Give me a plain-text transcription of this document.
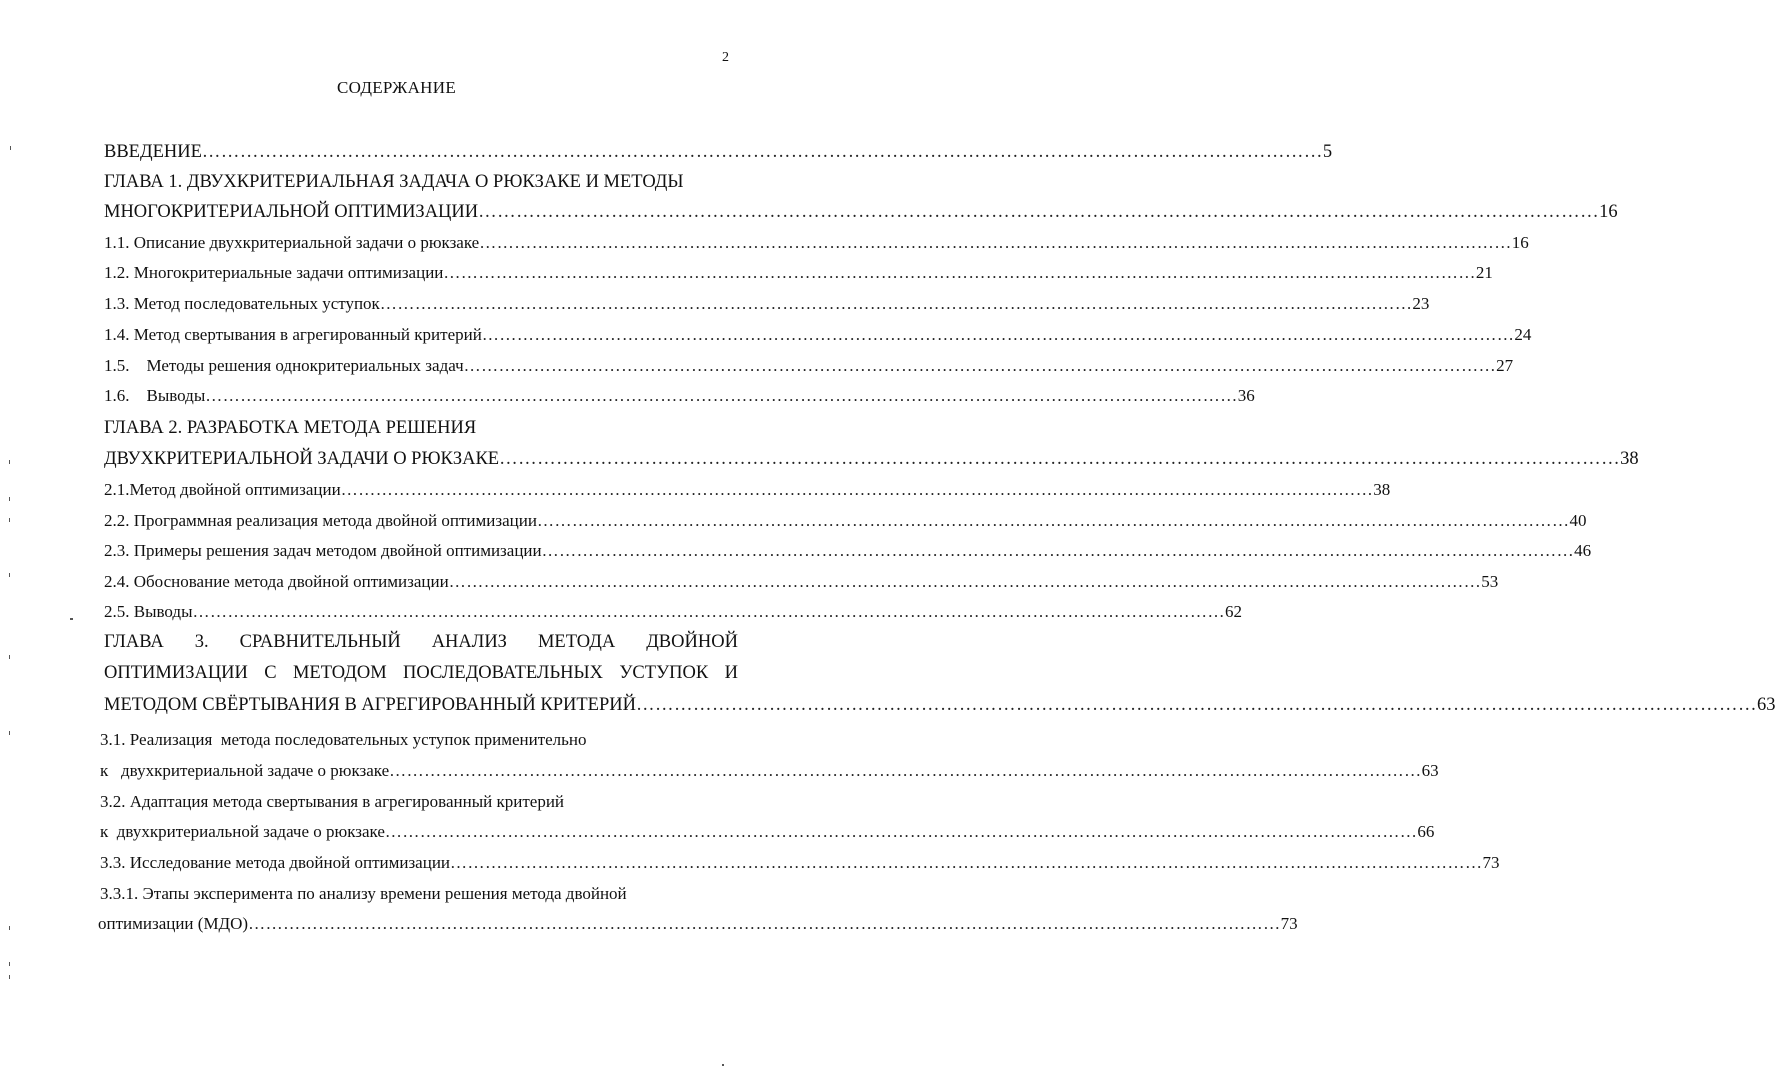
2
СОДЕРЖАНИЕ
ВВЕДЕНИЕ …………………………………………………………………………………………………………………………………………………………… 5
ГЛАВА 1. ДВУХКРИТЕРИАЛЬНАЯ ЗАДАЧА О РЮКЗАКЕ И МЕТОДЫ
МНОГОКРИТЕРИАЛЬНОЙ ОПТИМИЗАЦИИ …………………………………………………………………………………………………………………………………………………………… 16
1.1. Описание двухкритериальной задачи о рюкзаке …………………………………………………………………………………………………………………………………………………………… 16
1.2. Многокритериальные задачи оптимизации …………………………………………………………………………………………………………………………………………………………… 21
1.3. Метод последовательных уступок …………………………………………………………………………………………………………………………………………………………… 23
1.4. Метод свертывания в агрегированный критерий …………………………………………………………………………………………………………………………………………………………… 24
1.5.    Методы решения однокритериальных задач …………………………………………………………………………………………………………………………………………………………… 27
1.6.    Выводы …………………………………………………………………………………………………………………………………………………………… 36
ГЛАВА 2. РАЗРАБОТКА МЕТОДА РЕШЕНИЯ
ДВУХКРИТЕРИАЛЬНОЙ ЗАДАЧИ О РЮКЗАКЕ …………………………………………………………………………………………………………………………………………………………… 38
2.1.Метод двойной оптимизации …………………………………………………………………………………………………………………………………………………………… 38
2.2. Программная реализация метода двойной оптимизации …………………………………………………………………………………………………………………………………………………………… 40
2.3. Примеры решения задач методом двойной оптимизации …………………………………………………………………………………………………………………………………………………………… 46
2.4. Обоснование метода двойной оптимизации …………………………………………………………………………………………………………………………………………………………… 53
2.5. Выводы …………………………………………………………………………………………………………………………………………………………… 62
ГЛАВА 3. СРАВНИТЕЛЬНЫЙ АНАЛИЗ МЕТОДА ДВОЙНОЙ
ОПТИМИЗАЦИИ С МЕТОДОМ ПОСЛЕДОВАТЕЛЬНЫХ УСТУПОК И
МЕТОДОМ СВЁРТЫВАНИЯ В АГРЕГИРОВАННЫЙ КРИТЕРИЙ …………………………………………………………………………………………………………………………………………………………… 63
3.1. Реализация  метода последовательных уступок применительно
к   двухкритериальной задаче о рюкзаке …………………………………………………………………………………………………………………………………………………………… 63
3.2. Адаптация метода свертывания в агрегированный критерий
к  двухкритериальной задаче о рюкзаке …………………………………………………………………………………………………………………………………………………………… 66
3.3. Исследование метода двойной оптимизации …………………………………………………………………………………………………………………………………………………………… 73
3.3.1. Этапы эксперимента по анализу времени решения метода двойной
оптимизации (МДО) …………………………………………………………………………………………………………………………………………………………… 73
